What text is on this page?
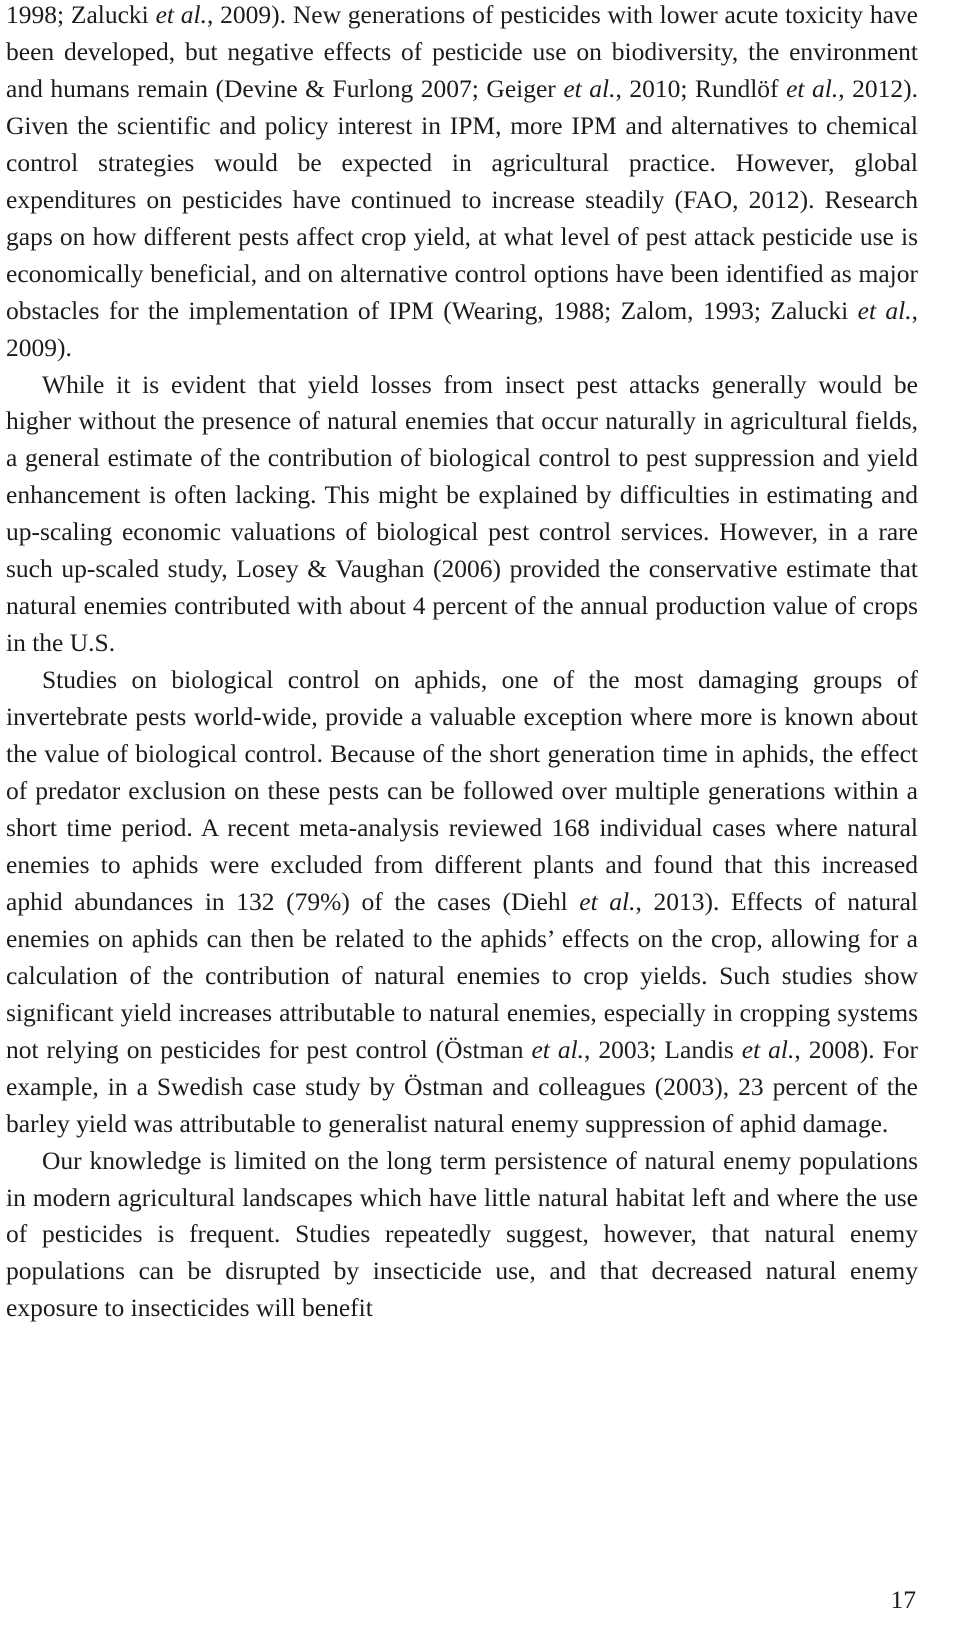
1998; Zalucki et al., 2009). New generations of pesticides with lower acute toxicity have been developed, but negative effects of pesticide use on biodiversity, the environment and humans remain (Devine & Furlong 2007; Geiger et al., 2010; Rundlöf et al., 2012). Given the scientific and policy interest in IPM, more IPM and alternatives to chemical control strategies would be expected in agricultural practice. However, global expenditures on pesticides have continued to increase steadily (FAO, 2012). Research gaps on how different pests affect crop yield, at what level of pest attack pesticide use is economically beneficial, and on alternative control options have been identified as major obstacles for the implementation of IPM (Wearing, 1988; Zalom, 1993; Zalucki et al., 2009).

While it is evident that yield losses from insect pest attacks generally would be higher without the presence of natural enemies that occur naturally in agricultural fields, a general estimate of the contribution of biological control to pest suppression and yield enhancement is often lacking. This might be explained by difficulties in estimating and up-scaling economic valuations of biological pest control services. However, in a rare such up-scaled study, Losey & Vaughan (2006) provided the conservative estimate that natural enemies contributed with about 4 percent of the annual production value of crops in the U.S.

Studies on biological control on aphids, one of the most damaging groups of invertebrate pests world-wide, provide a valuable exception where more is known about the value of biological control. Because of the short generation time in aphids, the effect of predator exclusion on these pests can be followed over multiple generations within a short time period. A recent meta-analysis reviewed 168 individual cases where natural enemies to aphids were excluded from different plants and found that this increased aphid abundances in 132 (79%) of the cases (Diehl et al., 2013). Effects of natural enemies on aphids can then be related to the aphids’ effects on the crop, allowing for a calculation of the contribution of natural enemies to crop yields. Such studies show significant yield increases attributable to natural enemies, especially in cropping systems not relying on pesticides for pest control (Östman et al., 2003; Landis et al., 2008). For example, in a Swedish case study by Östman and colleagues (2003), 23 percent of the barley yield was attributable to generalist natural enemy suppression of aphid damage.

Our knowledge is limited on the long term persistence of natural enemy populations in modern agricultural landscapes which have little natural habitat left and where the use of pesticides is frequent. Studies repeatedly suggest, however, that natural enemy populations can be disrupted by insecticide use, and that decreased natural enemy exposure to insecticides will benefit

17
